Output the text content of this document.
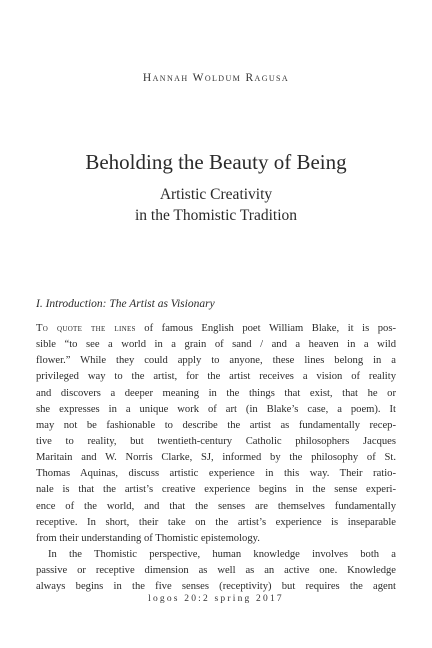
Hannah Woldum Ragusa
Beholding the Beauty of Being
Artistic Creativity
in the Thomistic Tradition
I. Introduction: The Artist as Visionary
To quote the lines of famous English poet William Blake, it is pos-
sible “to see a world in a grain of sand / and a heaven in a wild
flower.” While they could apply to anyone, these lines belong in a
privileged way to the artist, for the artist receives a vision of reality
and discovers a deeper meaning in the things that exist, that he or
she expresses in a unique work of art (in Blake’s case, a poem). It
may not be fashionable to describe the artist as fundamentally recep-
tive to reality, but twentieth-century Catholic philosophers Jacques
Maritain and W. Norris Clarke, SJ, informed by the philosophy of St.
Thomas Aquinas, discuss artistic experience in this way. Their ratio-
nale is that the artist’s creative experience begins in the sense experi-
ence of the world, and that the senses are themselves fundamentally
receptive. In short, their take on the artist’s experience is inseparable
from their understanding of Thomistic epistemology.
In the Thomistic perspective, human knowledge involves both a
passive or receptive dimension as well as an active one. Knowledge
always begins in the five senses (receptivity) but requires the agent
logos 20:2 spring 2017
